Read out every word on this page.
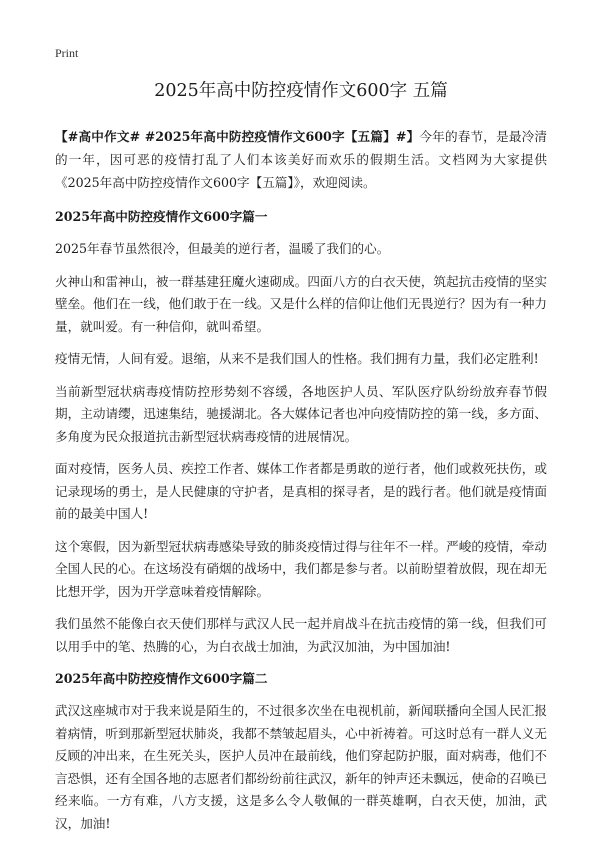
Print
2025年高中防控疫情作文600字 五篇

【#高中作文# #2025年高中防控疫情作文600字【五篇】#】今年的春节，是最冷清的一年，因可恶的疫情打乱了人们本该美好而欢乐的假期生活。文档网为大家提供《2025年高中防控疫情作文600字【五篇】》，欢迎阅读。

2025年高中防控疫情作文600字篇一

2025年春节虽然很冷，但最美的逆行者，温暖了我们的心。

火神山和雷神山，被一群基建狂魔火速砌成。四面八方的白衣天使，筑起抗击疫情的坚实壁垒。他们在一线，他们敢于在一线。又是什么样的信仰让他们无畏逆行？因为有一种力量，就叫爱。有一种信仰，就叫希望。

疫情无情，人间有爱。退缩，从来不是我们国人的性格。我们拥有力量，我们必定胜利!

当前新型冠状病毒疫情防控形势刻不容缓，各地医护人员、军队医疗队纷纷放弃春节假期，主动请缨，迅速集结，驰援湖北。各大媒体记者也冲向疫情防控的第一线，多方面、多角度为民众报道抗击新型冠状病毒疫情的进展情况。

面对疫情，医务人员、疾控工作者、媒体工作者都是勇敢的逆行者，他们或救死扶伤，或记录现场的勇士，是人民健康的守护者，是真相的探寻者，是的践行者。他们就是疫情面前的最美中国人!

这个寒假，因为新型冠状病毒感染导致的肺炎疫情过得与往年不一样。严峻的疫情，牵动全国人民的心。在这场没有硝烟的战场中，我们都是参与者。以前盼望着放假，现在却无比想开学，因为开学意味着疫情解除。

我们虽然不能像白衣天使们那样与武汉人民一起并肩战斗在抗击疫情的第一线，但我们可以用手中的笔、热腾的心，为白衣战士加油，为武汉加油，为中国加油!

2025年高中防控疫情作文600字篇二

武汉这座城市对于我来说是陌生的，不过很多次坐在电视机前，新闻联播向全国人民汇报着病情，听到那新型冠状肺炎，我都不禁皱起眉头，心中祈祷着。可这时总有一群人义无反顾的冲出来，在生死关头，医护人员冲在最前线，他们穿起防护服，面对病毒，他们不言恐惧，还有全国各地的志愿者们都纷纷前往武汉，新年的钟声还未飘远，使命的召唤已经来临。一方有难，八方支援，这是多么令人敬佩的一群英雄啊，白衣天使，加油，武汉，加油!
